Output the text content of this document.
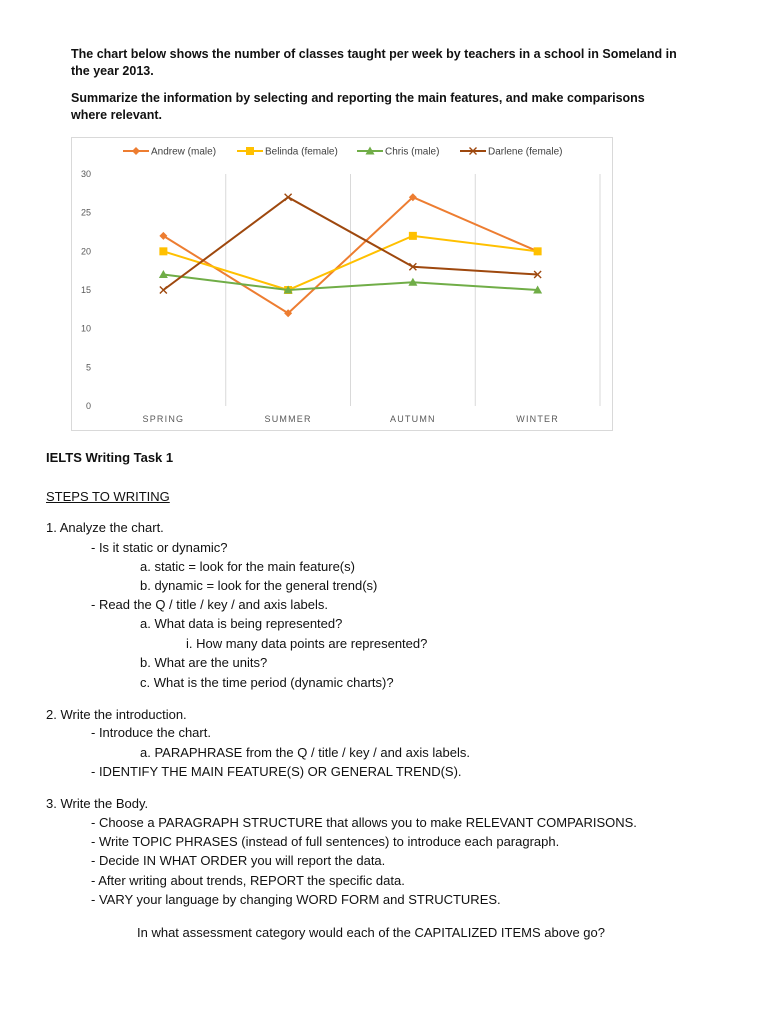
The chart below shows the number of classes taught per week by teachers in a school in Someland in
the year 2013.
Summarize the information by selecting and reporting the main features, and make comparisons
where relevant.
0
5
10
15
20
25
30
SPRING	SUMMER	AUTUMN	WINTER
Andrew (male)	Belinda (female)	Chris (male)	Darlene (female)
IELTS Writing Task 1
STEPS TO WRITING
1. Analyze the chart.
- Is it static or dynamic?
a. static = look for the main feature(s)
b. dynamic = look for the general trend(s)
- Read the Q / title / key / and axis labels.
a. What data is being represented?
i. How many data points are represented?
b. What are the units?
c. What is the time period (dynamic charts)?
2. Write the introduction.
- Introduce the chart.
a. PARAPHRASE from the Q / title / key / and axis labels.
- IDENTIFY THE MAIN FEATURE(S) OR GENERAL TREND(S).
3. Write the Body.
- Choose a PARAGRAPH STRUCTURE that allows you to make RELEVANT COMPARISONS.
- Write TOPIC PHRASES (instead of full sentences) to introduce each paragraph.
- Decide IN WHAT ORDER you will report the data.
- After writing about trends, REPORT the specific data.
- VARY your language by changing WORD FORM and STRUCTURES.
In what assessment category would each of the CAPITALIZED ITEMS above go?
